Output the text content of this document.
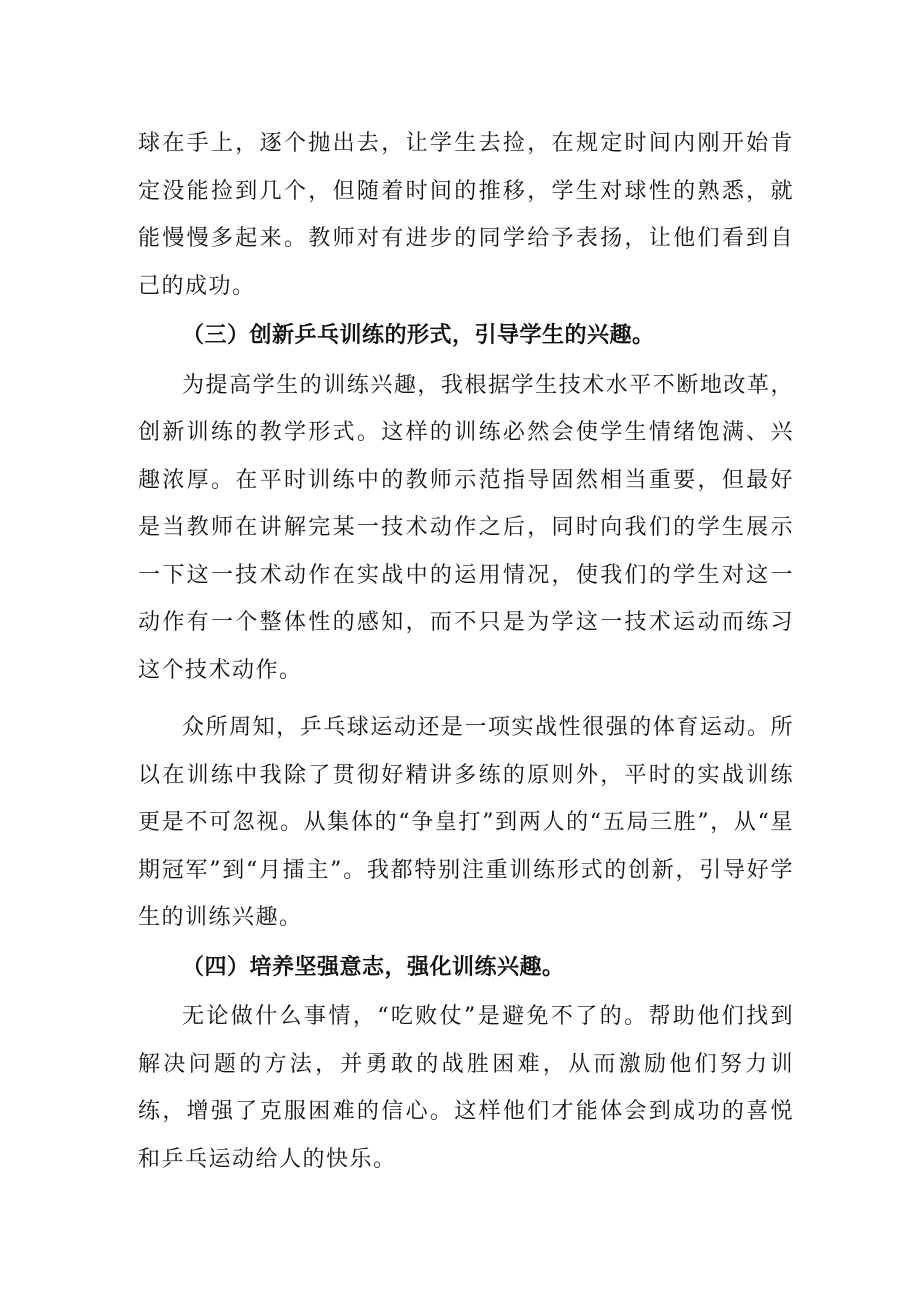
球在手上，逐个抛出去，让学生去捡，在规定时间内刚开始肯定没能捡到几个，但随着时间的推移，学生对球性的熟悉，就能慢慢多起来。教师对有进步的同学给予表扬，让他们看到自己的成功。

（三）创新乒乓训练的形式，引导学生的兴趣。

为提高学生的训练兴趣，我根据学生技术水平不断地改革，创新训练的教学形式。这样的训练必然会使学生情绪饱满、兴趣浓厚。在平时训练中的教师示范指导固然相当重要，但最好是当教师在讲解完某一技术动作之后，同时向我们的学生展示一下这一技术动作在实战中的运用情况，使我们的学生对这一动作有一个整体性的感知，而不只是为学这一技术运动而练习这个技术动作。

众所周知，乒乓球运动还是一项实战性很强的体育运动。所以在训练中我除了贯彻好精讲多练的原则外，平时的实战训练更是不可忽视。从集体的“争皇打”到两人的“五局三胜”，从“星期冠军”到“月擂主”。我都特别注重训练形式的创新，引导好学生的训练兴趣。

（四）培养坚强意志，强化训练兴趣。

无论做什么事情，“吃败仗”是避免不了的。帮助他们找到解决问题的方法，并勇敢的战胜困难，从而激励他们努力训练，增强了克服困难的信心。这样他们才能体会到成功的喜悦和乒乓运动给人的快乐。
